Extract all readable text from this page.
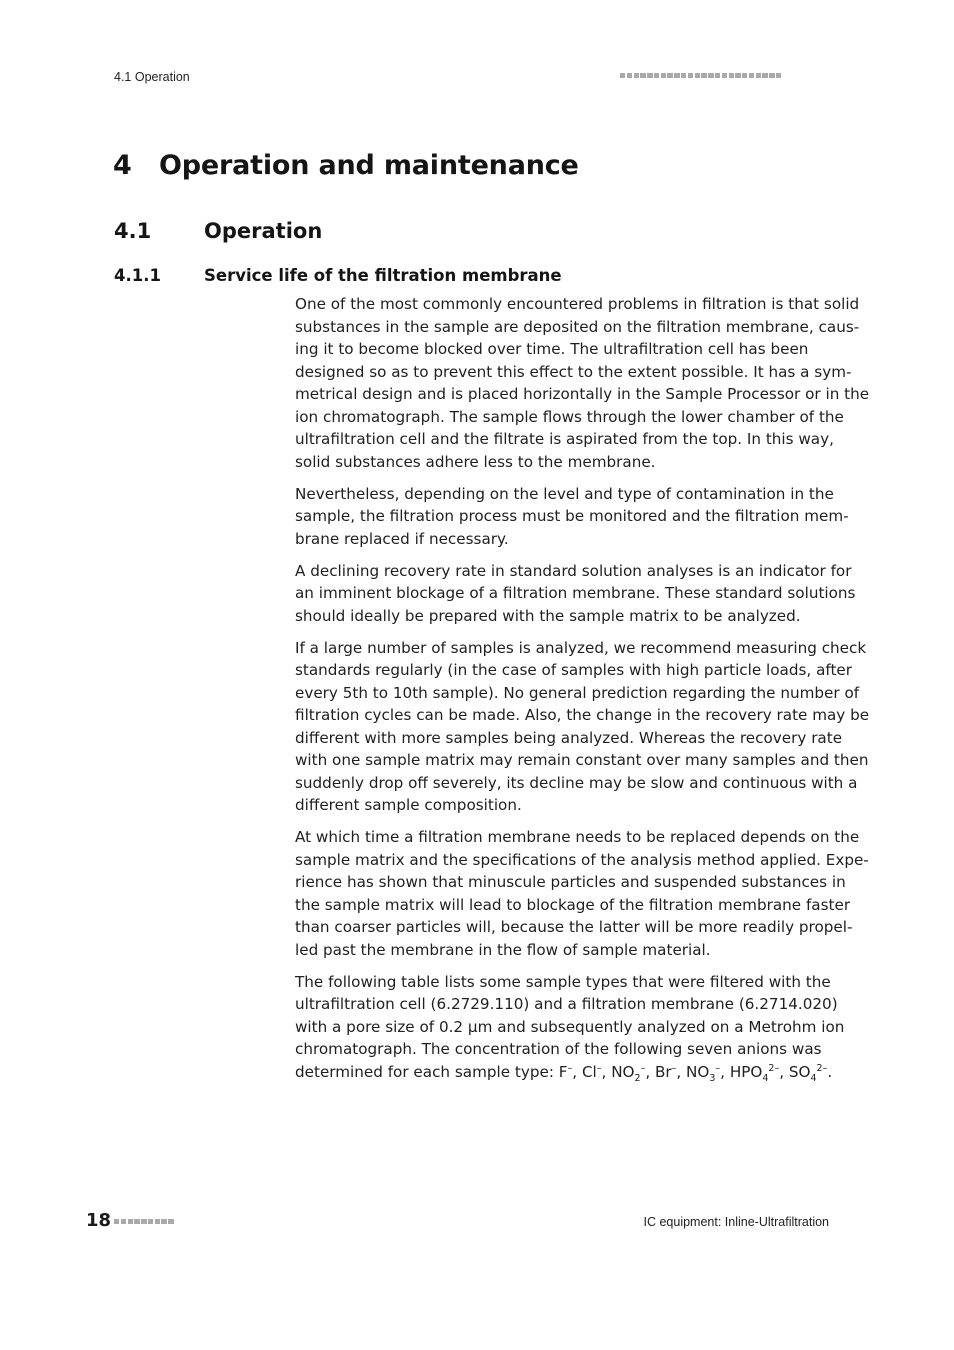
4.1 Operation
4 Operation and maintenance
4.1	Operation
4.1.1	Service life of the filtration membrane

One of the most commonly encountered problems in filtration is that solid
substances in the sample are deposited on the filtration membrane, caus-
ing it to become blocked over time. The ultrafiltration cell has been
designed so as to prevent this effect to the extent possible. It has a sym-
metrical design and is placed horizontally in the Sample Processor or in the
ion chromatograph. The sample flows through the lower chamber of the
ultrafiltration cell and the filtrate is aspirated from the top. In this way,
solid substances adhere less to the membrane.

Nevertheless, depending on the level and type of contamination in the
sample, the filtration process must be monitored and the filtration mem-
brane replaced if necessary.

A declining recovery rate in standard solution analyses is an indicator for
an imminent blockage of a filtration membrane. These standard solutions
should ideally be prepared with the sample matrix to be analyzed.

If a large number of samples is analyzed, we recommend measuring check
standards regularly (in the case of samples with high particle loads, after
every 5th to 10th sample). No general prediction regarding the number of
filtration cycles can be made. Also, the change in the recovery rate may be
different with more samples being analyzed. Whereas the recovery rate
with one sample matrix may remain constant over many samples and then
suddenly drop off severely, its decline may be slow and continuous with a
different sample composition.

At which time a filtration membrane needs to be replaced depends on the
sample matrix and the specifications of the analysis method applied. Expe-
rience has shown that minuscule particles and suspended substances in
the sample matrix will lead to blockage of the filtration membrane faster
than coarser particles will, because the latter will be more readily propel-
led past the membrane in the flow of sample material.

The following table lists some sample types that were filtered with the
ultrafiltration cell (6.2729.110) and a filtration membrane (6.2714.020)
with a pore size of 0.2 µm and subsequently analyzed on a Metrohm ion
chromatograph. The concentration of the following seven anions was
determined for each sample type: F–, Cl–, $NO_2^-$, Br–, $NO_3^-$, $HPO_4^{2-}$, $SO_4^{2-}$.

18	IC equipment: Inline-Ultrafiltration
